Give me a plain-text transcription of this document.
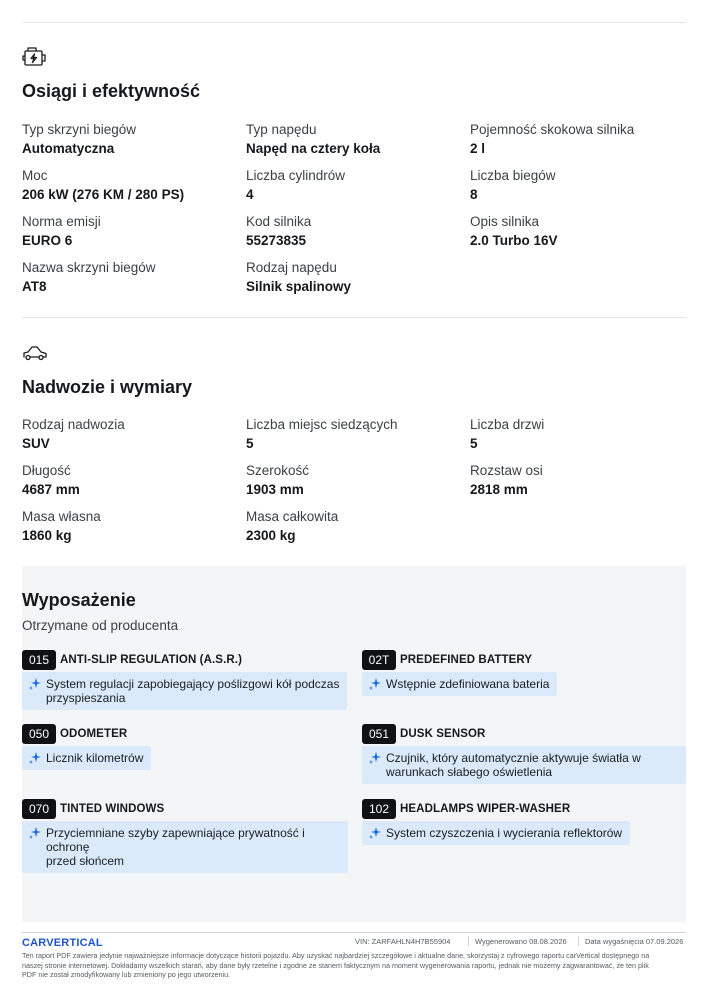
Osiągi i efektywność
Typ skrzyni biegów
Automatyczna
Typ napędu
Napęd na cztery koła
Pojemność skokowa silnika
2 l
Moc
206 kW (276 KM / 280 PS)
Liczba cylindrów
4
Liczba biegów
8
Norma emisji
EURO 6
Kod silnika
55273835
Opis silnika
2.0 Turbo 16V
Nazwa skrzyni biegów
AT8
Rodzaj napędu
Silnik spalinowy
Nadwozie i wymiary
Rodzaj nadwozia
SUV
Liczba miejsc siedzących
5
Liczba drzwi
5
Długość
4687 mm
Szerokość
1903 mm
Rozstaw osi
2818 mm
Masa własna
1860 kg
Masa całkowita
2300 kg
Wyposażenie
Otrzymane od producenta
015 ANTI-SLIP REGULATION (A.S.R.)
System regulacji zapobiegający poślizgowi kół podczas
przyspieszania
02T PREDEFINED BATTERY
Wstępnie zdefiniowana bateria
050 ODOMETER
Licznik kilometrów
051 DUSK SENSOR
Czujnik, który automatycznie aktywuje światła w
warunkach słabego oświetlenia
070 TINTED WINDOWS
Przyciemniane szyby zapewniające prywatność i ochronę
przed słońcem
102 HEADLAMPS WIPER-WASHER
System czyszczenia i wycierania reflektorów
CARVERTICAL	VIN: ZARFAHLN4H7B55904	Wygenerowano 08.08.2026 Data wygaśnięcia 07.09.2026
Ten raport PDF zawiera jedynie najważniejsze informacje dotyczące historii pojazdu. Aby uzyskać najbardziej szczegółowe i aktualne dane, skorzystaj z cyfrowego raportu carVertical dostępnego na
naszej stronie internetowej. Dokładamy wszelkich starań, aby dane były rzetelne i zgodne ze stanem faktycznym na moment wygenerowania raportu, jednak nie możemy zagwarantować, że ten plik
PDF nie został zmodyfikowany lub zmieniony po jego utworzeniu.
